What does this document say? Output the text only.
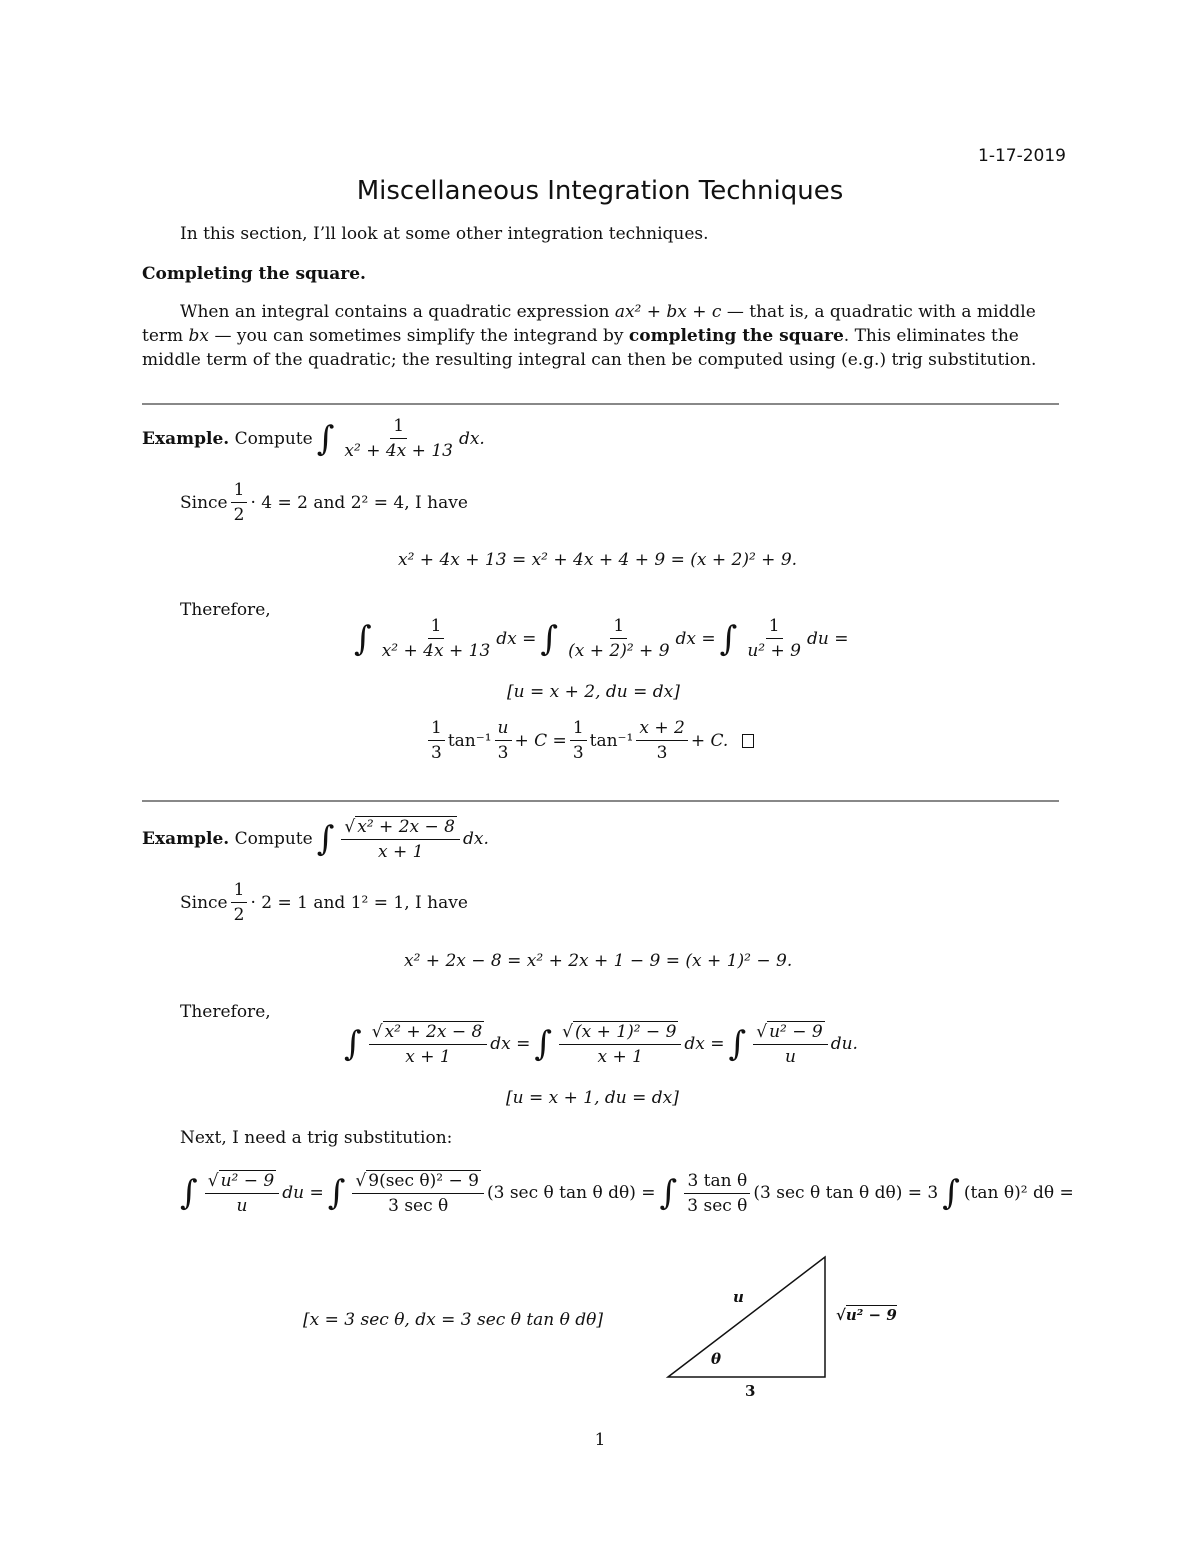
1-17-2019
Miscellaneous Integration Techniques
In this section, I’ll look at some other integration techniques.
Completing the square.
When an integral contains a quadratic expression ax² + bx + c — that is, a quadratic with a middle term bx — you can sometimes simplify the integrand by completing the square. This eliminates the middle term of the quadratic; the resulting integral can then be computed using (e.g.) trig substitution.
Example.
Compute ∫ $\frac{1}{\text{x² + 4x + 13}}$ dx.
Since $\frac{1}{2} \cdot 4 = 2$ and 2² = 4, I have
x² + 4x + 13 = x² + 4x + 4 + 9 = (x + 2)² + 9.
Therefore,
∫ $\frac{1}{\text{x² + 4x + 13}}$ dx = ∫ $\frac{1}{\text{(x + 2)² + 9}}$ dx = ∫ $\frac{1}{\text{u² + 9}}$ du =
[u = x + 2, du = dx]
$\frac{1}{3} \tan^{-1} \frac{u}{3} + C = \frac{1}{3} \tan^{-1} \frac{x + 2}{3} + C$.
Example.
Compute ∫ $\frac{\text{√ x² + 2x − 8}}{x + 1}$ dx.
Since $\frac{1}{2} \cdot 2 = 1$ and 1² = 1, I have
x² + 2x − 8 = x² + 2x + 1 − 9 = (x + 1)² − 9.
Therefore,
∫ $\frac{\text{√ x² + 2x − 8}}{x + 1}$ dx = ∫ $\frac{\text{√ (x + 1)² − 9}}{x + 1}$ dx = ∫ $\frac{\text{√ u² − 9}}{u}$ du.
[u = x + 1, du = dx]
Next, I need a trig substitution:
∫ $\frac{\text{√ u² − 9}}{u}$ du = ∫ $\frac{\text{√ 9(sec θ)² − 9}}{\text{3 sec θ}} (3$ sec θ tan θ dθ) = ∫ $\frac{\text{3 tan θ}}{\text{3 sec θ}} (3$ sec θ tan θ dθ) = 3 ∫ (tan θ)² dθ =
[x = 3 sec θ, dx = 3 sec θ tan θ dθ]
u
√u² − 9
θ
3
1
